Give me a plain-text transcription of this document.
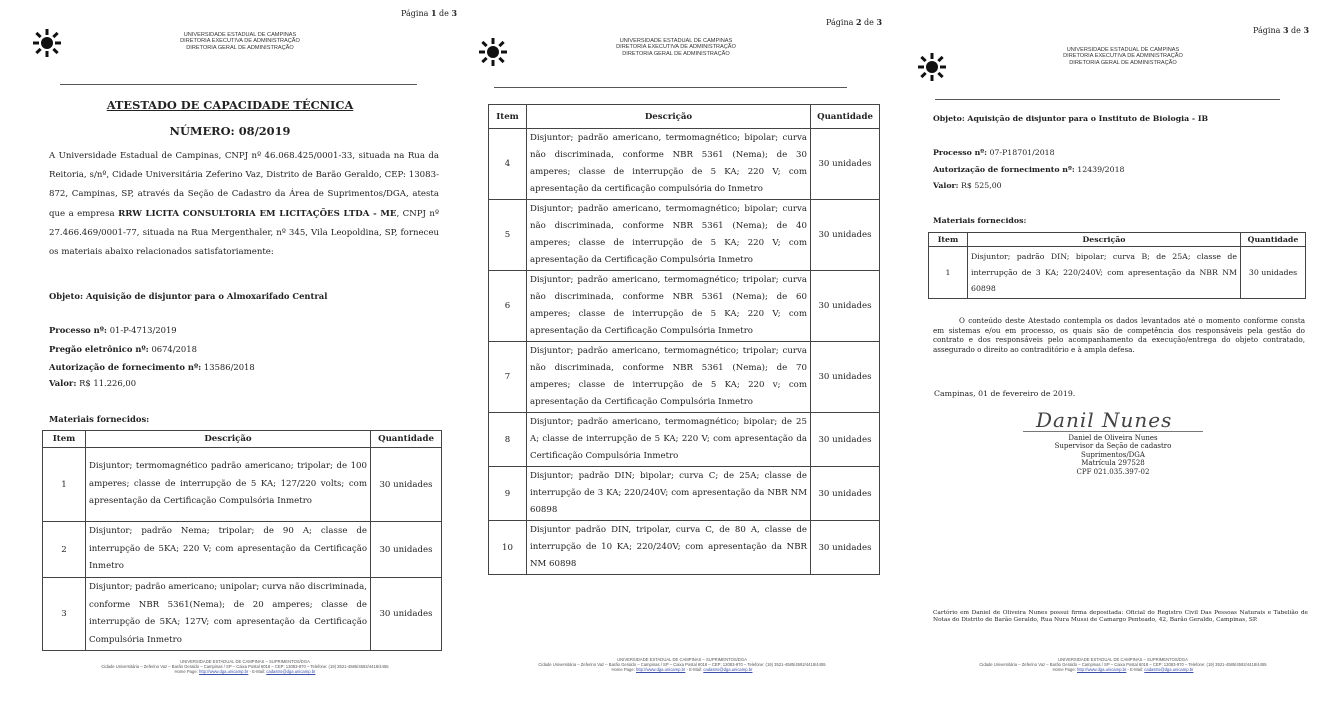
Página 1 de 3
UNIVERSIDADE ESTADUAL DE CAMPINAS
DIRETORIA EXECUTIVA DE ADMINISTRAÇÃO
DIRETORIA GERAL DE ADMINISTRAÇÃO
ATESTADO DE CAPACIDADE TÉCNICA
NÚMERO: 08/2019

A Universidade Estadual de Campinas, CNPJ nº 46.068.425/0001-33, situada na Rua da Reitoria, s/nº, Cidade Universitária Zeferino Vaz, Distrito de Barão Geraldo, CEP: 13083-872, Campinas, SP, através da Seção de Cadastro da Área de Suprimentos/DGA, atesta que a empresa RRW LICITA CONSULTORIA EM LICITAÇÕES LTDA - ME, CNPJ nº 27.466.469/0001-77, situada na Rua Mergenthaler, nº 345, Vila Leopoldina, SP, forneceu os materiais abaixo relacionados satisfatoriamente:

Objeto: Aquisição de disjuntor para o Almoxarifado Central
Processo nº: 01-P-4713/2019
Pregão eletrônico nº: 0674/2018
Autorização de fornecimento nº: 13586/2018
Valor: R$ 11.226,00
Materiais fornecidos:
Item	Descrição	Quantidade
1	Disjuntor; termomagnético padrão americano; tripolar; de 100 amperes; classe de interrupção de 5 KA; 127/220 volts; com apresentação da Certificação Compulsória Inmetro	30 unidades
2	Disjuntor; padrão Nema; tripolar; de 90 A; classe de interrupção de 5KA; 220 V; com apresentação da Certificação Inmetro	30 unidades
3	Disjuntor; padrão americano; unipolar; curva não discriminada, conforme NBR 5361(Nema); de 20 amperes; classe de interrupção de 5KA; 127V; com apresentação da Certificação Compulsória Inmetro	30 unidades
UNIVERSIDADE ESTADUAL DE CAMPINAS – SUPRIMENTOS/DGA
Cidade Universitária – Zeferino Vaz – Barão Geraldo – Campinas / SP – Caixa Postal 6018 – CEP: 13083-970 – Telefone: (19) 3521-4585/4592/4418/4455
Home Page: http://www.dga.unicamp.br - E-Mail: cadastro@dga.unicamp.br
Página 2 de 3
UNIVERSIDADE ESTADUAL DE CAMPINAS
DIRETORIA EXECUTIVA DE ADMINISTRAÇÃO
DIRETORIA GERAL DE ADMINISTRAÇÃO
Item	Descrição	Quantidade
4	Disjuntor; padrão americano, termomagnético; bipolar; curva não discriminada, conforme NBR 5361 (Nema); de 30 amperes; classe de interrupção de 5 KA; 220 V; com apresentação da certificação compulsória do Inmetro	30 unidades
5	Disjuntor; padrão americano, termomagnético; bipolar; curva não discriminada, conforme NBR 5361 (Nema); de 40 amperes; classe de interrupção de 5 KA; 220 V; com apresentação da Certificação Compulsória Inmetro	30 unidades
6	Disjuntor; padrão americano, termomagnético; tripolar; curva não discriminada, conforme NBR 5361 (Nema); de 60 amperes; classe de interrupção de 5 KA; 220 V; com apresentação da Certificação Compulsória Inmetro	30 unidades
7	Disjuntor; padrão americano, termomagnético; tripolar; curva não discriminada, conforme NBR 5361 (Nema); de 70 amperes; classe de interrupção de 5 KA; 220 v; com apresentação da Certificação Compulsória Inmetro	30 unidades
8	Disjuntor; padrão americano, termomagnético; bipolar; de 25 A; classe de interrupção de 5 KA; 220 V; com apresentação da Certificação Compulsória Inmetro	30 unidades
9	Disjuntor; padrão DIN; bipolar; curva C; de 25A; classe de interrupção de 3 KA; 220/240V; com apresentação da NBR NM 60898	30 unidades
10	Disjuntor padrão DIN, tripolar, curva C, de 80 A, classe de interrupção de 10 KA; 220/240V; com apresentação da NBR NM 60898	30 unidades
UNIVERSIDADE ESTADUAL DE CAMPINAS – SUPRIMENTOS/DGA
Cidade Universitária – Zeferino Vaz – Barão Geraldo – Campinas / SP – Caixa Postal 6018 – CEP: 13083-970 – Telefone: (19) 3521-4585/4592/4418/4455
Home Page: http://www.dga.unicamp.br - E-Mail: cadastro@dga.unicamp.br
Página 3 de 3
UNIVERSIDADE ESTADUAL DE CAMPINAS
DIRETORIA EXECUTIVA DE ADMINISTRAÇÃO
DIRETORIA GERAL DE ADMINISTRAÇÃO
Objeto: Aquisição de disjuntor para o Instituto de Biologia - IB
Processo nº: 07-P18701/2018
Autorização de fornecimento nº: 12439/2018
Valor: R$ 525,00
Materiais fornecidos:
Item	Descrição	Quantidade
1	Disjuntor; padrão DIN; bipolar; curva B; de 25A; classe de interrupção de 3 KA; 220/240V; com apresentação da NBR NM 60898	30 unidades

O conteúdo deste Atestado contempla os dados levantados até o momento conforme consta em sistemas e/ou em processo, os quais são de competência dos responsáveis pela gestão do contrato e dos responsáveis pelo acompanhamento da execução/entrega do objeto contratado, assegurado o direito ao contraditório e à ampla defesa.

Campinas, 01 de fevereiro de 2019.
Danil Nunes
Daniel de Oliveira Nunes
Supervisor da Seção de cadastro
Suprimentos/DGA
Matrícula 297528
CPF 021.035.397-02

Cartório em Daniel de Oliveira Nunes possui firma depositada: Oficial do Registro Civil Das Pessoas Naturais e Tabelião de Notas do Distrito de Barão Geraldo, Rua Nura Mussi de Camargo Penteado, 42, Barão Geraldo, Campinas, SP.

UNIVERSIDADE ESTADUAL DE CAMPINAS – SUPRIMENTOS/DGA
Cidade Universitária – Zeferino Vaz – Barão Geraldo – Campinas / SP – Caixa Postal 6018 – CEP: 13083-970 – Telefone: (19) 3521-4585/4592/4418/4455
Home Page: http://www.dga.unicamp.br - E-Mail: cadastro@dga.unicamp.br
